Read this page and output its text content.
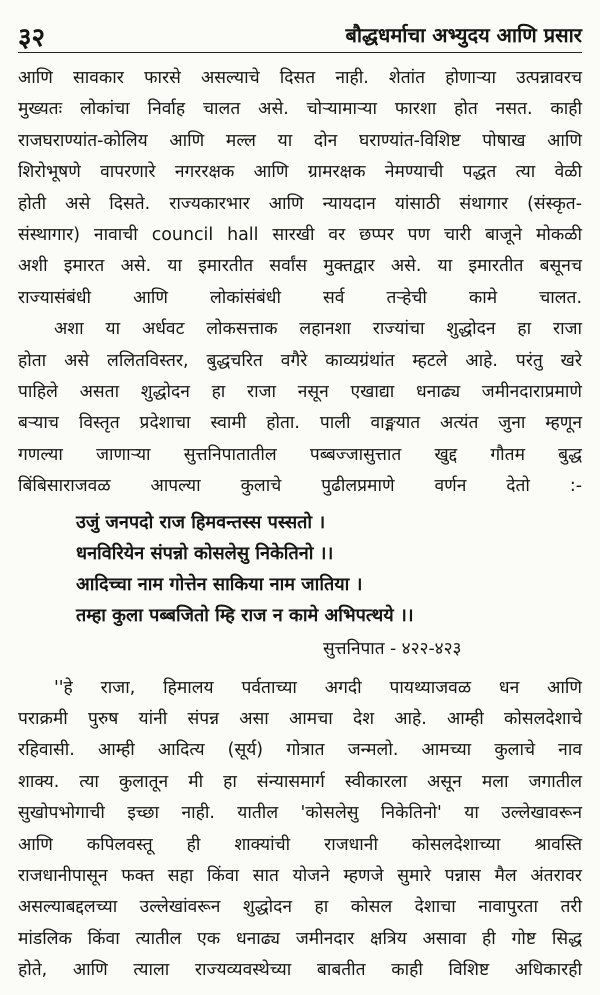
३२	बौद्धधर्माचा अभ्युदय आणि प्रसार

आणि सावकार फारसे असल्याचे दिसत नाही. शेतांत होणाऱ्या उत्पन्नावरच
मुख्यतः लोकांचा निर्वाह चालत असे. चोऱ्यामाऱ्या फारशा होत नसत. काही
राजघराण्यांत-कोलिय आणि मल्ल या दोन घराण्यांत-विशिष्ट पोषाख आणि
शिरोभूषणे वापरणारे नगररक्षक आणि ग्रामरक्षक नेमण्याची पद्धत त्या वेळी
होती असे दिसते. राज्यकारभार आणि न्यायदान यांसाठी संथागार (संस्कृत-
संस्थागार) नावाची council hall सारखी वर छप्पर पण चारी बाजूने मोकळी
अशी इमारत असे. या इमारतीत सर्वांस मुक्तद्वार असे. या इमारतीत बसूनच
राज्यासंबंधी आणि लोकांसंबंधी सर्व तऱ्हेची कामे चालत.

अशा या अर्धवट लोकसत्ताक लहानशा राज्यांचा शुद्धोदन हा राजा
होता असे ललितविस्तर, बुद्धचरित वगैरे काव्यग्रंथांत म्हटले आहे. परंतु खरे
पाहिले असता शुद्धोदन हा राजा नसून एखाद्या धनाढ्य जमीनदाराप्रमाणे
बऱ्याच विस्तृत प्रदेशाचा स्वामी होता. पाली वाङ्मयात अत्यंत जुना म्हणून
गणल्या जाणाऱ्या सुत्तनिपातातील पब्बज्जासुत्तात खुद्द गौतम बुद्ध
बिंबिसाराजवळ आपल्या कुलाचे पुढीलप्रमाणे वर्णन देतो :-

उजुं जनपदो राज हिमवन्तस्स पस्सतो ।
धनविरियेन संपन्नो कोसलेसु निकेतिनो ।।
आदिच्चा नाम गोत्तेन साकिया नाम जातिया ।
तम्हा कुला पब्बजितो म्हि राज न कामे अभिपत्थये ।।
सुत्तनिपात - ४२२-४२३

''हे राजा, हिमालय पर्वताच्या अगदी पायथ्याजवळ धन आणि
पराक्रमी पुरुष यांनी संपन्न असा आमचा देश आहे. आम्ही कोसलदेशाचे
रहिवासी. आम्ही आदित्य (सूर्य) गोत्रात जन्मलो. आमच्या कुलाचे नाव
शाक्य. त्या कुलातून मी हा संन्यासमार्ग स्वीकारला असून मला जगातील
सुखोपभोगाची इच्छा नाही. यातील 'कोसलेसु निकेतिनो' या उल्लेखावरून
आणि कपिलवस्तू ही शाक्यांची राजधानी कोसलदेशाच्या श्रावस्ति
राजधानीपासून फक्त सहा किंवा सात योजने म्हणजे सुमारे पन्नास मैल अंतरावर
असल्याबद्दलच्या उल्लेखांवरून शुद्धोदन हा कोसल देशाचा नावापुरता तरी
मांडलिक किंवा त्यातील एक धनाढ्य जमीनदार क्षत्रिय असावा ही गोष्ट सिद्ध
होते, आणि त्याला राज्यव्यवस्थेच्या बाबतीत काही विशिष्ट अधिकारही
